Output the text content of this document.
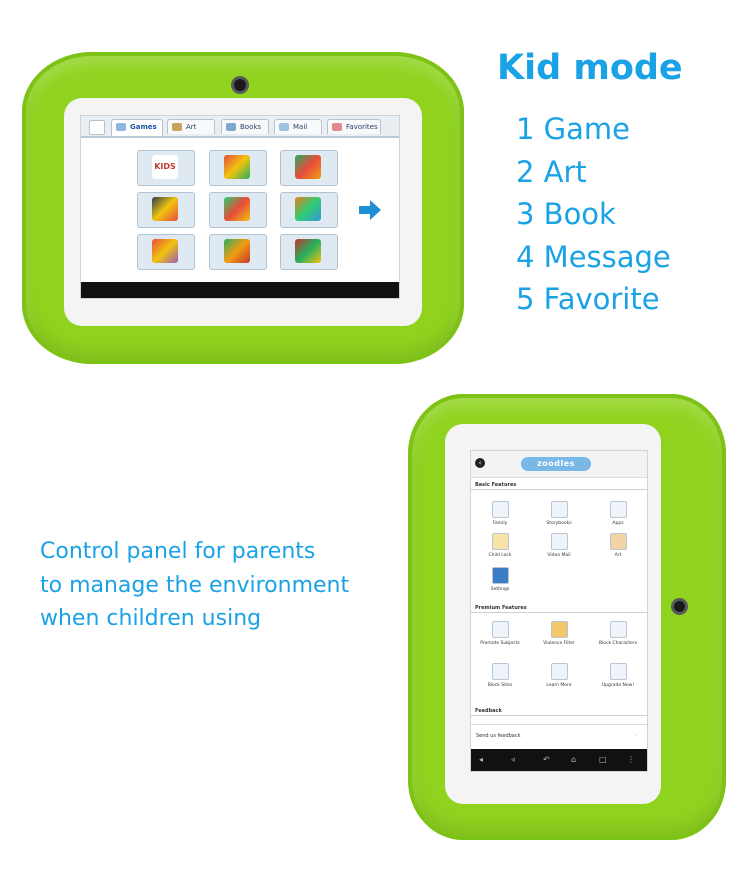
Games	Art	Books	Mail	Favorites
KIDS
‹	zoodles
Basic Features
Family	Storybooks	Apps
Child Lock	Video Mail	Art
Settings
Premium Features
Promote Subjects	Violence Filter	Block Characters
Block Sites	Learn More	Upgrade Now!
Feedback
Send us feedback	›
◂	◃	↶	⌂	□	⋮
Kid mode
1 Game
2 Art
3 Book
4 Message
5 Favorite
Control panel for parents
to manage the environment
when children using
